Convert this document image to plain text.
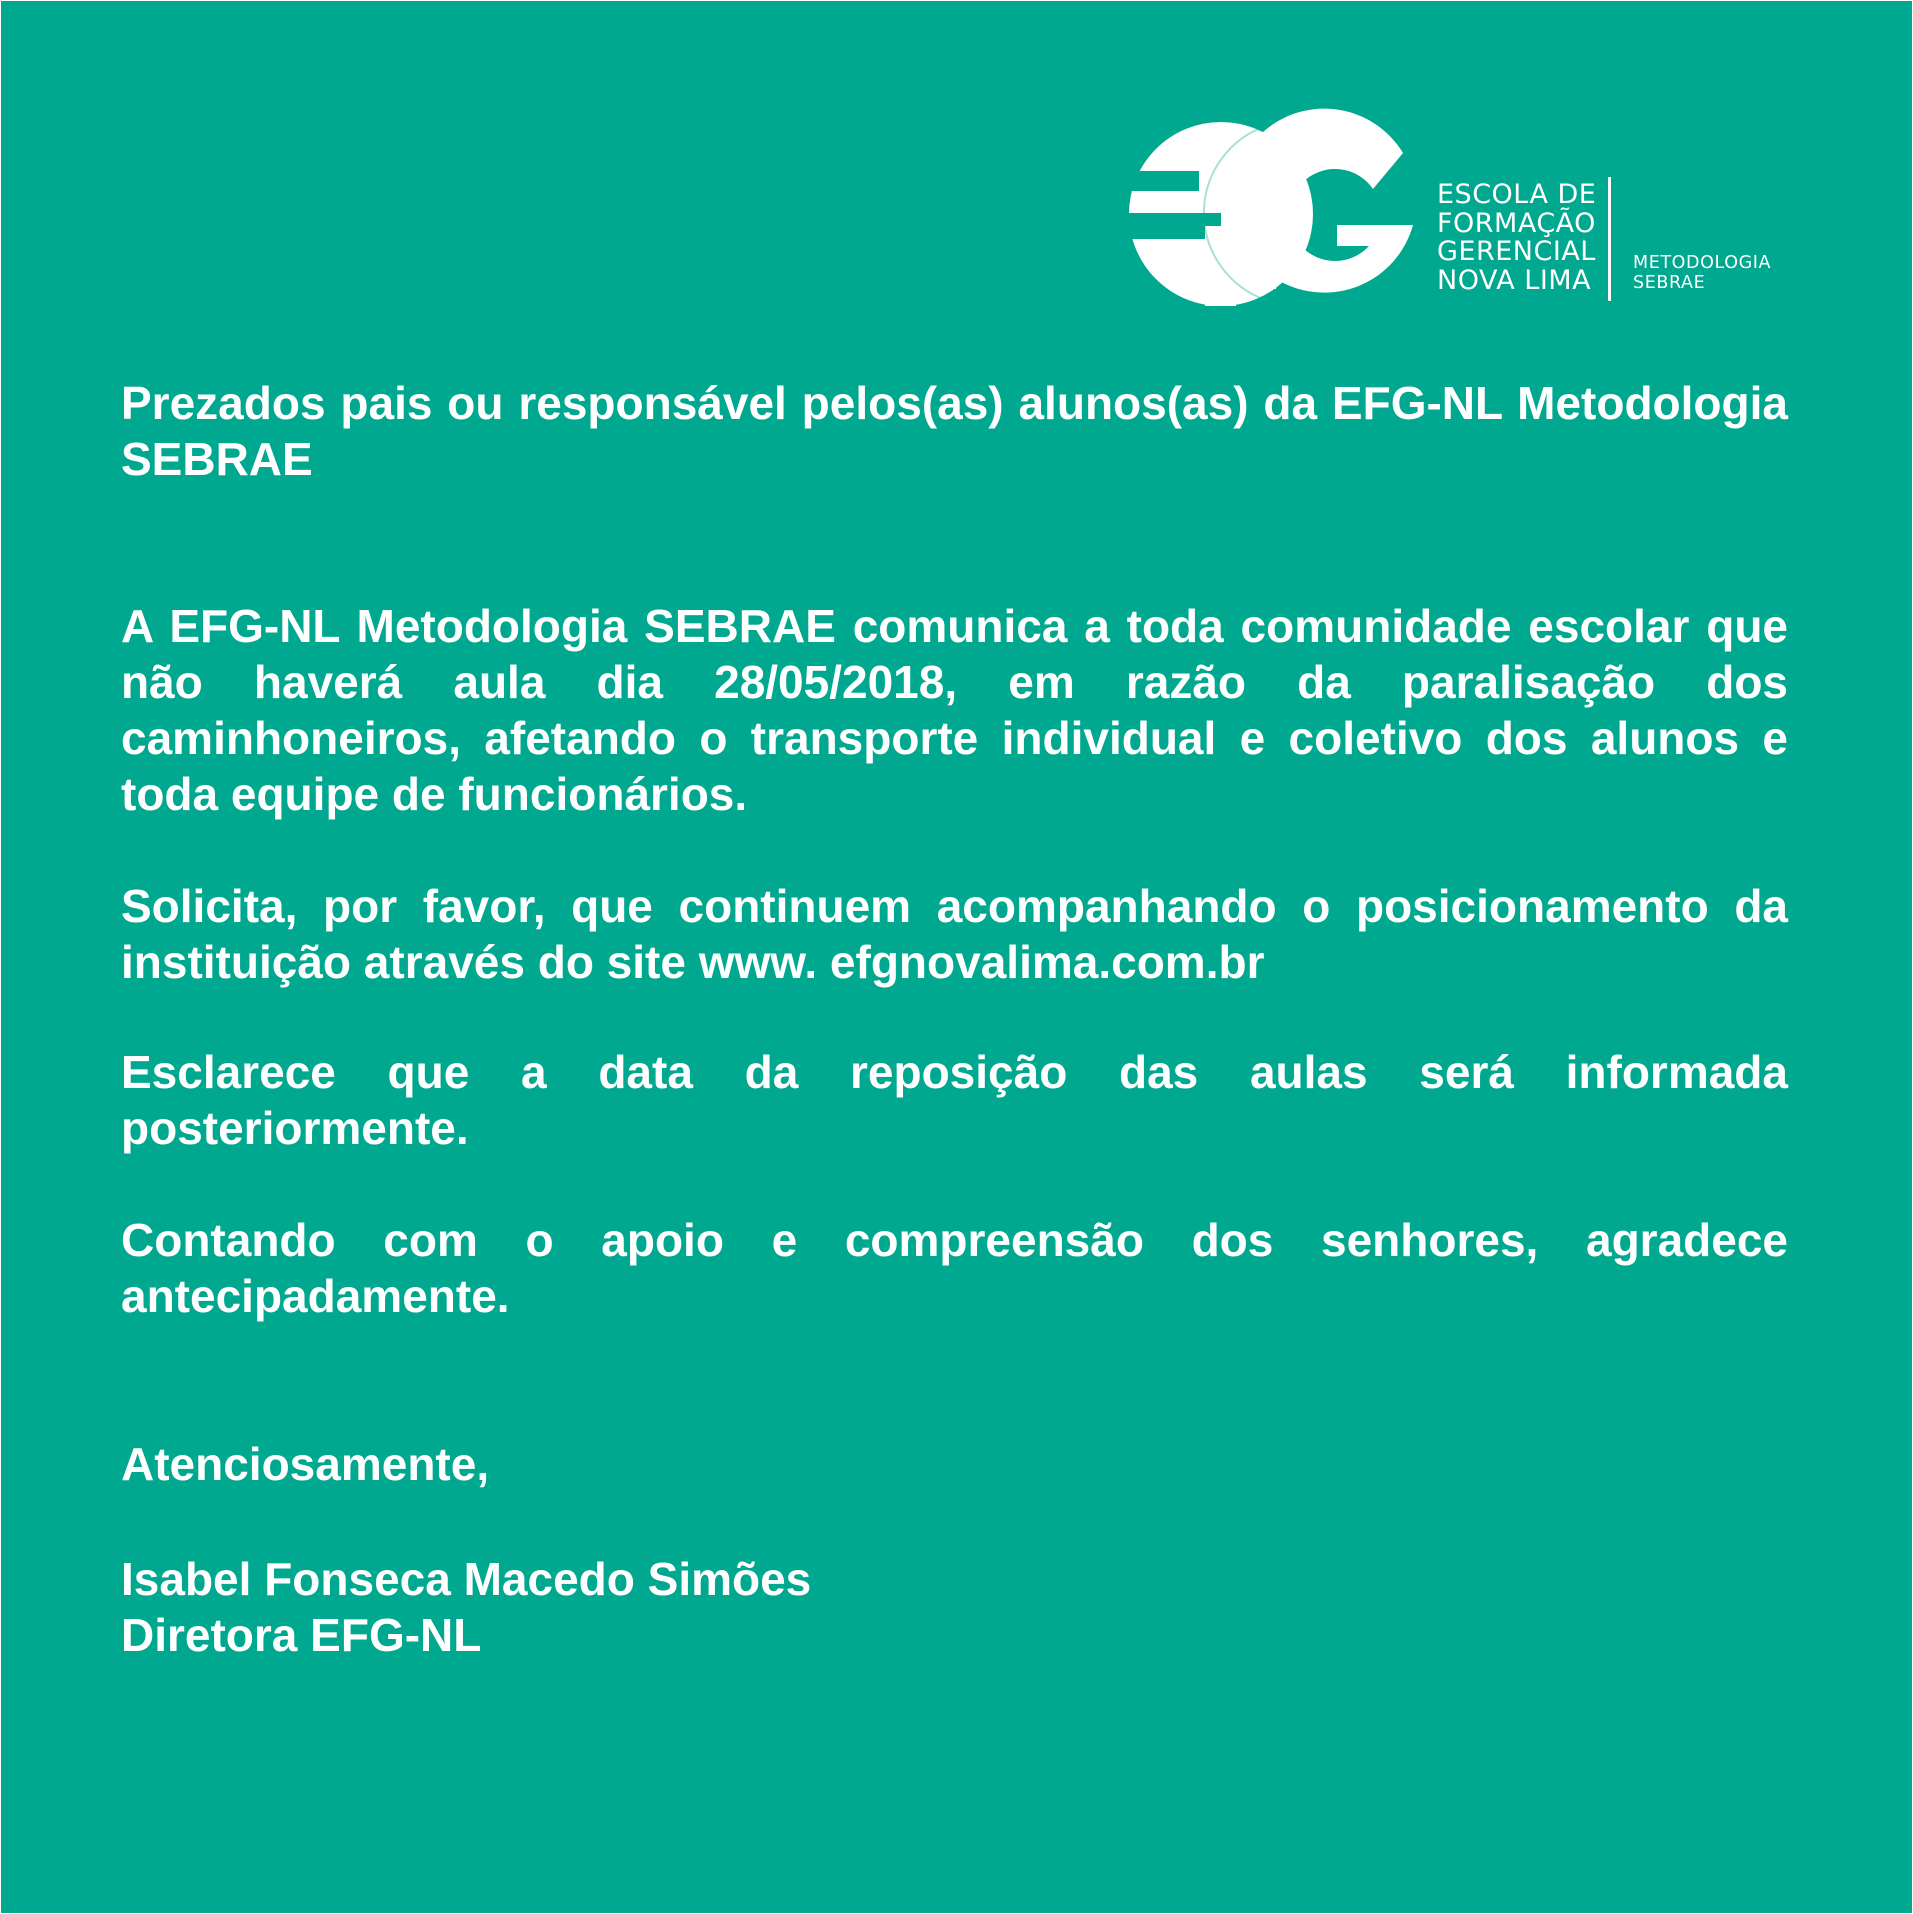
ESCOLA DE
FORMAÇÃO
GERENCIAL
NOVA LIMA
METODOLOGIA
SEBRAE

Prezados pais ou responsável pelos(as) alunos(as) da EFG-NL Metodologia SEBRAE

A EFG-NL Metodologia SEBRAE comunica a toda comunidade escolar que não haverá aula dia 28/05/2018, em razão da paralisação dos caminhoneiros, afetando o transporte individual e coletivo dos alunos e toda equipe de funcionários.

Solicita, por favor, que continuem acompanhando o posicionamento da instituição através do site www. efgnovalima.com.br

Esclarece que a data da reposição das aulas será informada posteriormente.

Contando com o apoio e compreensão dos senhores, agradece antecipadamente.

Atenciosamente,

Isabel Fonseca Macedo Simões

Diretora EFG-NL
